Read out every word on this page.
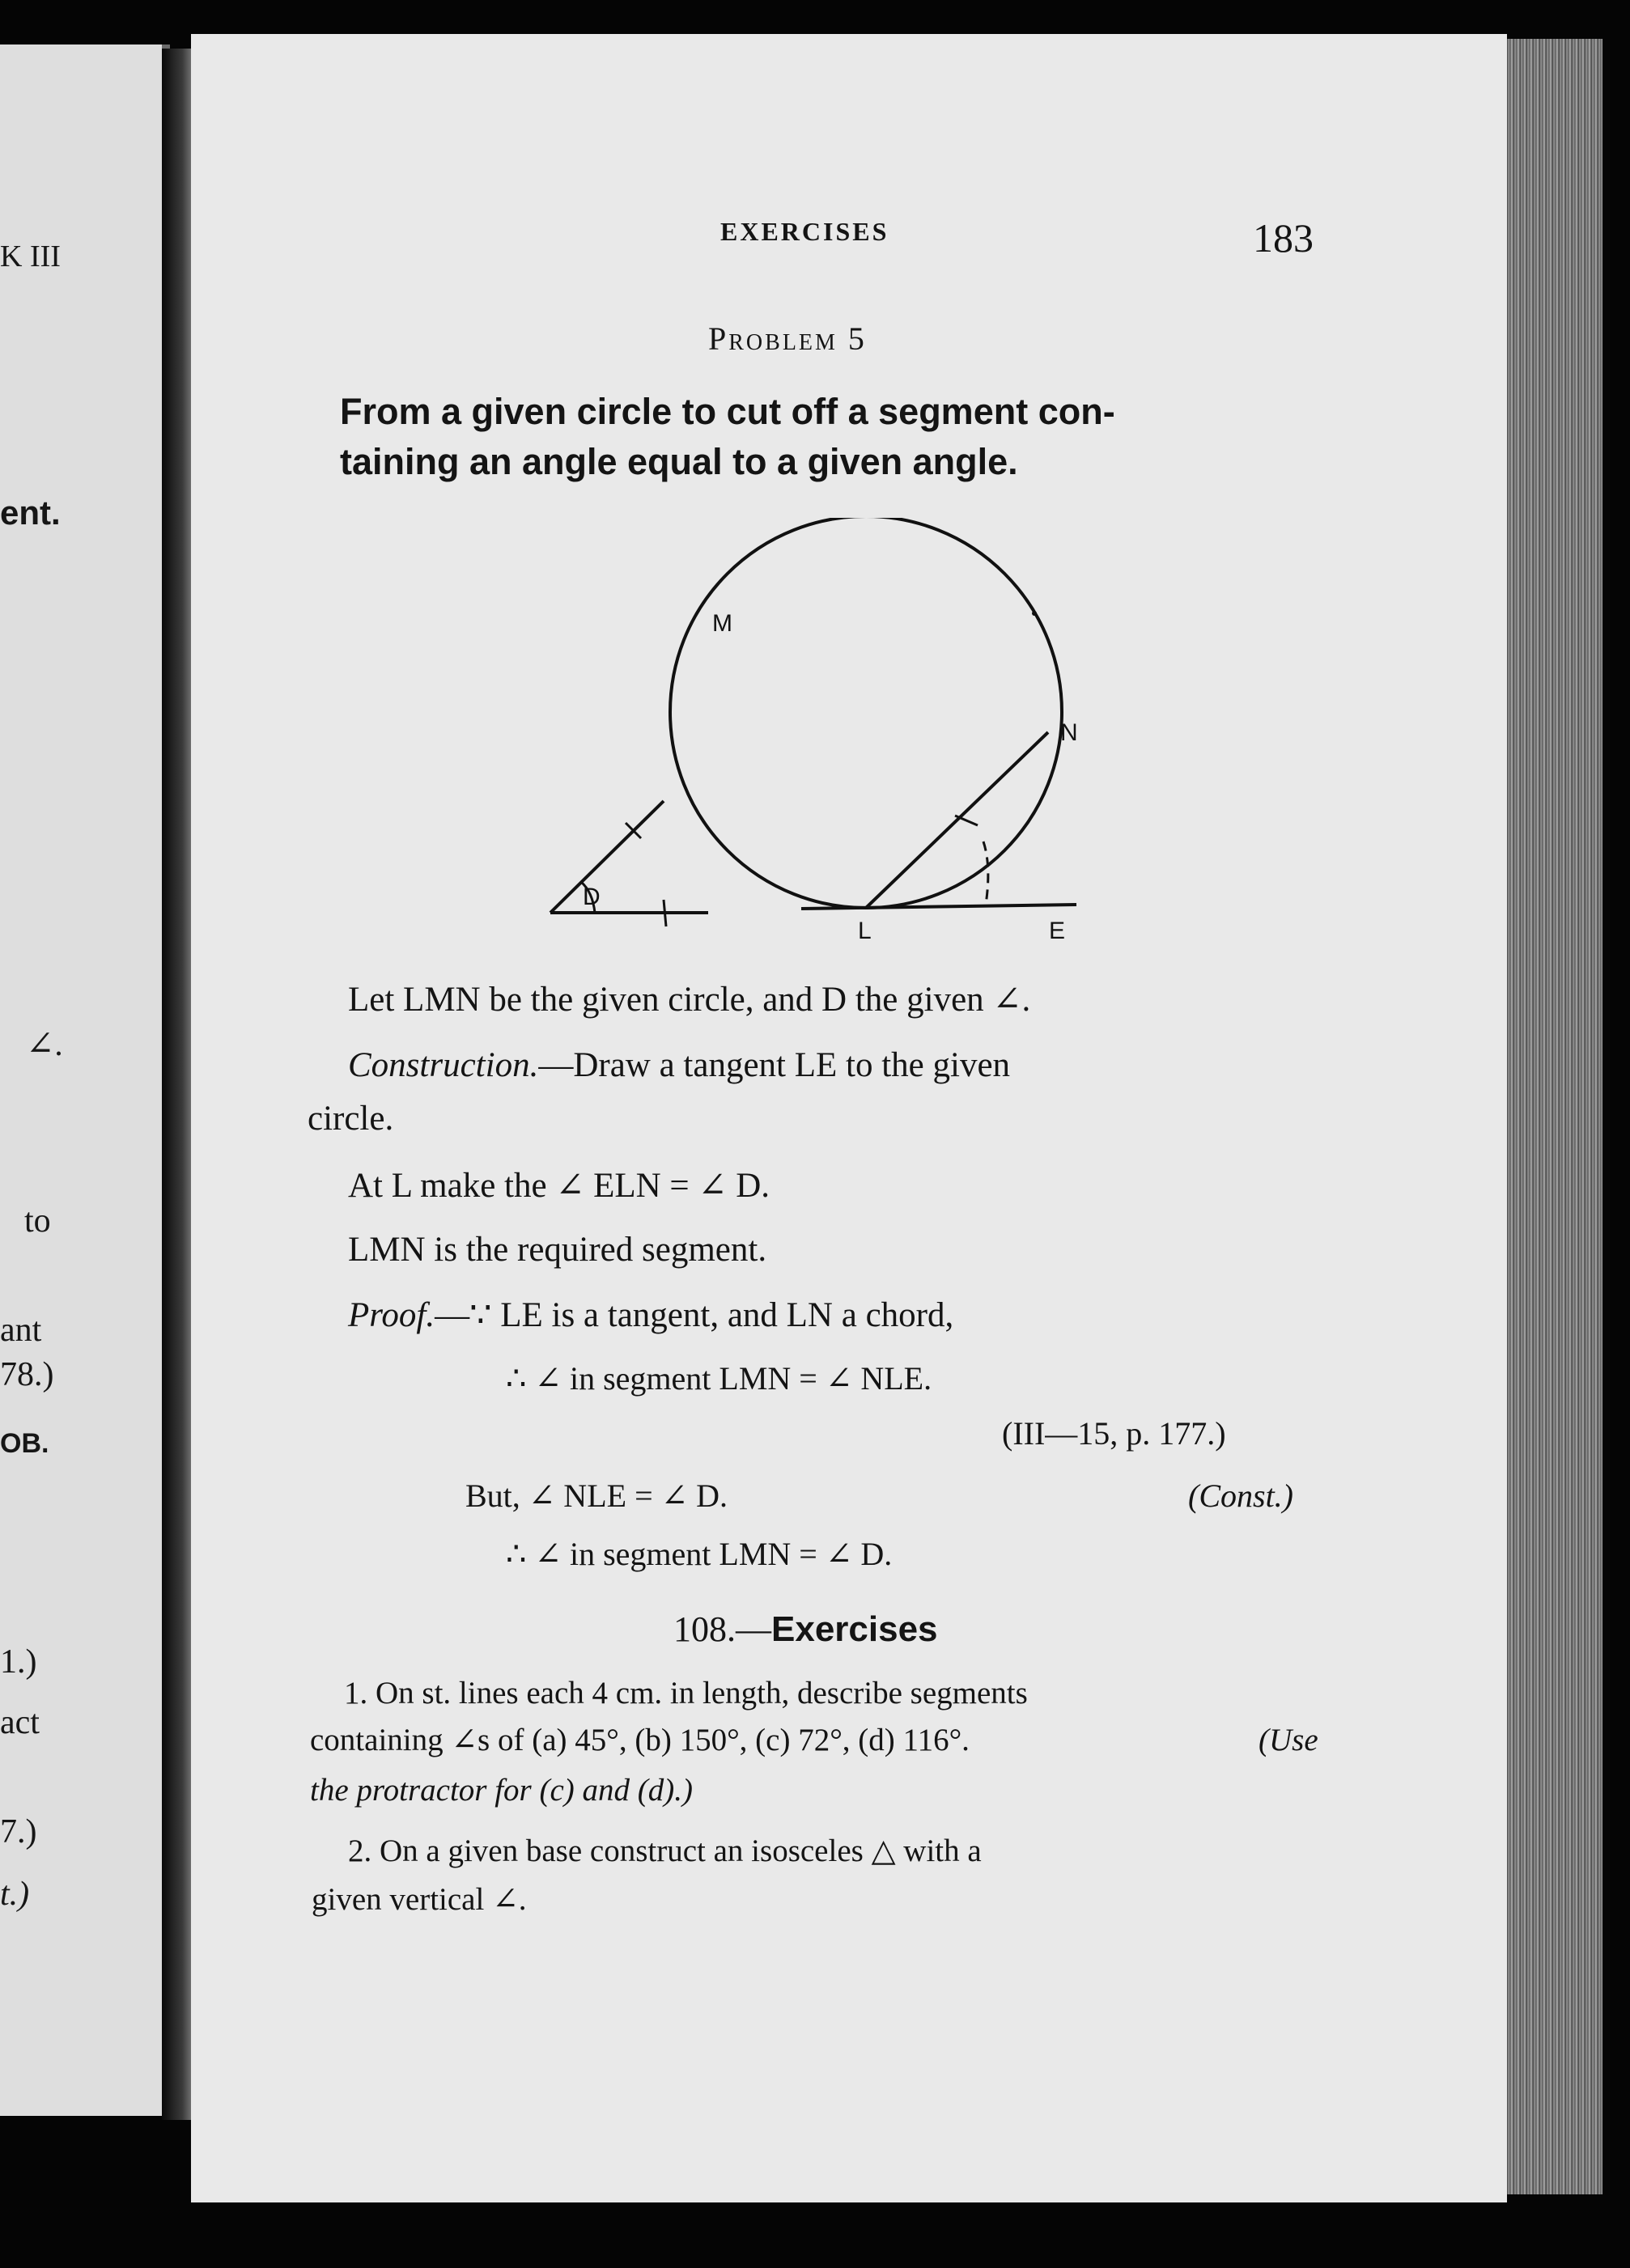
K III
ent.
∠.
to
ant
78.)
OB.
1.)
act
7.)
t.)
EXERCISES	183
Problem 5
From a given circle to cut off a segment con-
taining an angle equal to a given angle.
M
N
D
L	E
Let LMN be the given circle, and D the given ∠.
Construction.—Draw a tangent LE to the given
circle.
At L make the ∠ ELN = ∠ D.
LMN is the required segment.
Proof.—∵ LE is a tangent, and LN a chord,
∴ ∠ in segment LMN = ∠ NLE.
(III—15, p. 177.)
But, ∠ NLE = ∠ D.	(Const.)
∴ ∠ in segment LMN = ∠ D.
108.—Exercises
1. On st. lines each 4 cm. in length, describe segments
containing ∠s of (a) 45°, (b) 150°, (c) 72°, (d) 116°.	(Use
the protractor for (c) and (d).)
2. On a given base construct an isosceles △ with a
given vertical ∠.
